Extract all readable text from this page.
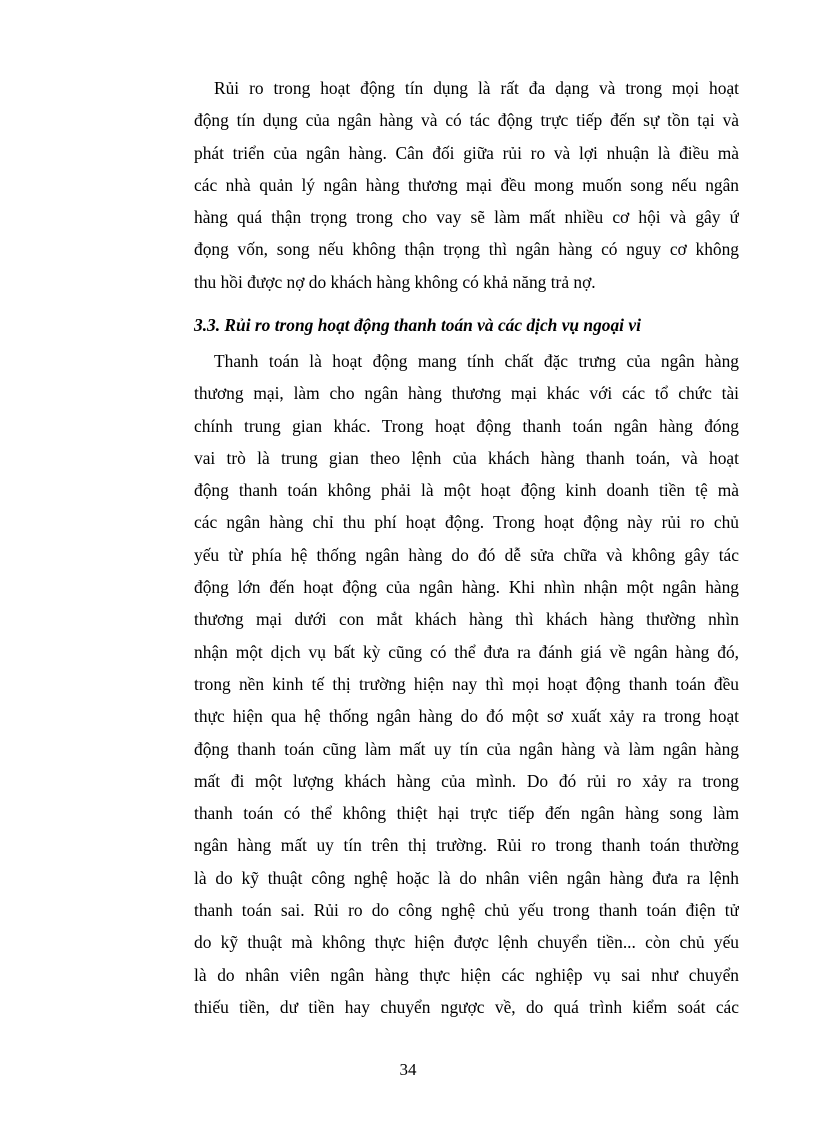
Rủi ro trong hoạt động tín dụng là rất đa dạng và trong mọi hoạt
động tín dụng của ngân hàng và có tác động trực tiếp đến sự tồn tại và
phát triển của ngân hàng. Cân đối giữa rủi ro và lợi nhuận là điều mà
các nhà quản lý ngân hàng thương mại đều mong muốn song nếu ngân
hàng quá thận trọng trong cho vay sẽ làm mất nhiều cơ hội và gây ứ
đọng vốn, song nếu không thận trọng thì ngân hàng có nguy cơ không
thu hồi được nợ do khách hàng không có khả năng trả nợ.
3.3. Rủi ro trong hoạt động thanh toán và các dịch vụ ngoại vi
Thanh toán là hoạt động mang tính chất đặc trưng của ngân hàng
thương mại, làm cho ngân hàng thương mại khác với các tổ chức tài
chính trung gian khác. Trong hoạt động thanh toán ngân hàng đóng
vai trò là trung gian theo lệnh của khách hàng thanh toán, và hoạt
động thanh toán không phải là một hoạt động kinh doanh tiền tệ mà
các ngân hàng chỉ thu phí hoạt động. Trong hoạt động này rủi ro chủ
yếu từ phía hệ thống ngân hàng do đó dễ sửa chữa và không gây tác
động lớn đến hoạt động của ngân hàng. Khi nhìn nhận một ngân hàng
thương mại dưới con mắt khách hàng thì khách hàng thường nhìn
nhận một dịch vụ bất kỳ cũng có thể đưa ra đánh giá về ngân hàng đó,
trong nền kinh tế thị trường hiện nay thì mọi hoạt động thanh toán đều
thực hiện qua hệ thống ngân hàng do đó một sơ xuất xảy ra trong hoạt
động thanh toán cũng làm mất uy tín của ngân hàng và làm ngân hàng
mất đi một lượng khách hàng của mình. Do đó rủi ro xảy ra trong
thanh toán có thể không thiệt hại trực tiếp đến ngân hàng song làm
ngân hàng mất uy tín trên thị trường. Rủi ro trong thanh toán thường
là do kỹ thuật công nghệ hoặc là do nhân viên ngân hàng đưa ra lệnh
thanh toán sai. Rủi ro do công nghệ chủ yếu trong thanh toán điện tử
do kỹ thuật mà không thực hiện được lệnh chuyển tiền... còn chủ yếu
là do nhân viên ngân hàng thực hiện các nghiệp vụ sai như chuyển
thiếu tiền, dư tiền hay chuyển ngược về, do quá trình kiểm soát các
34
